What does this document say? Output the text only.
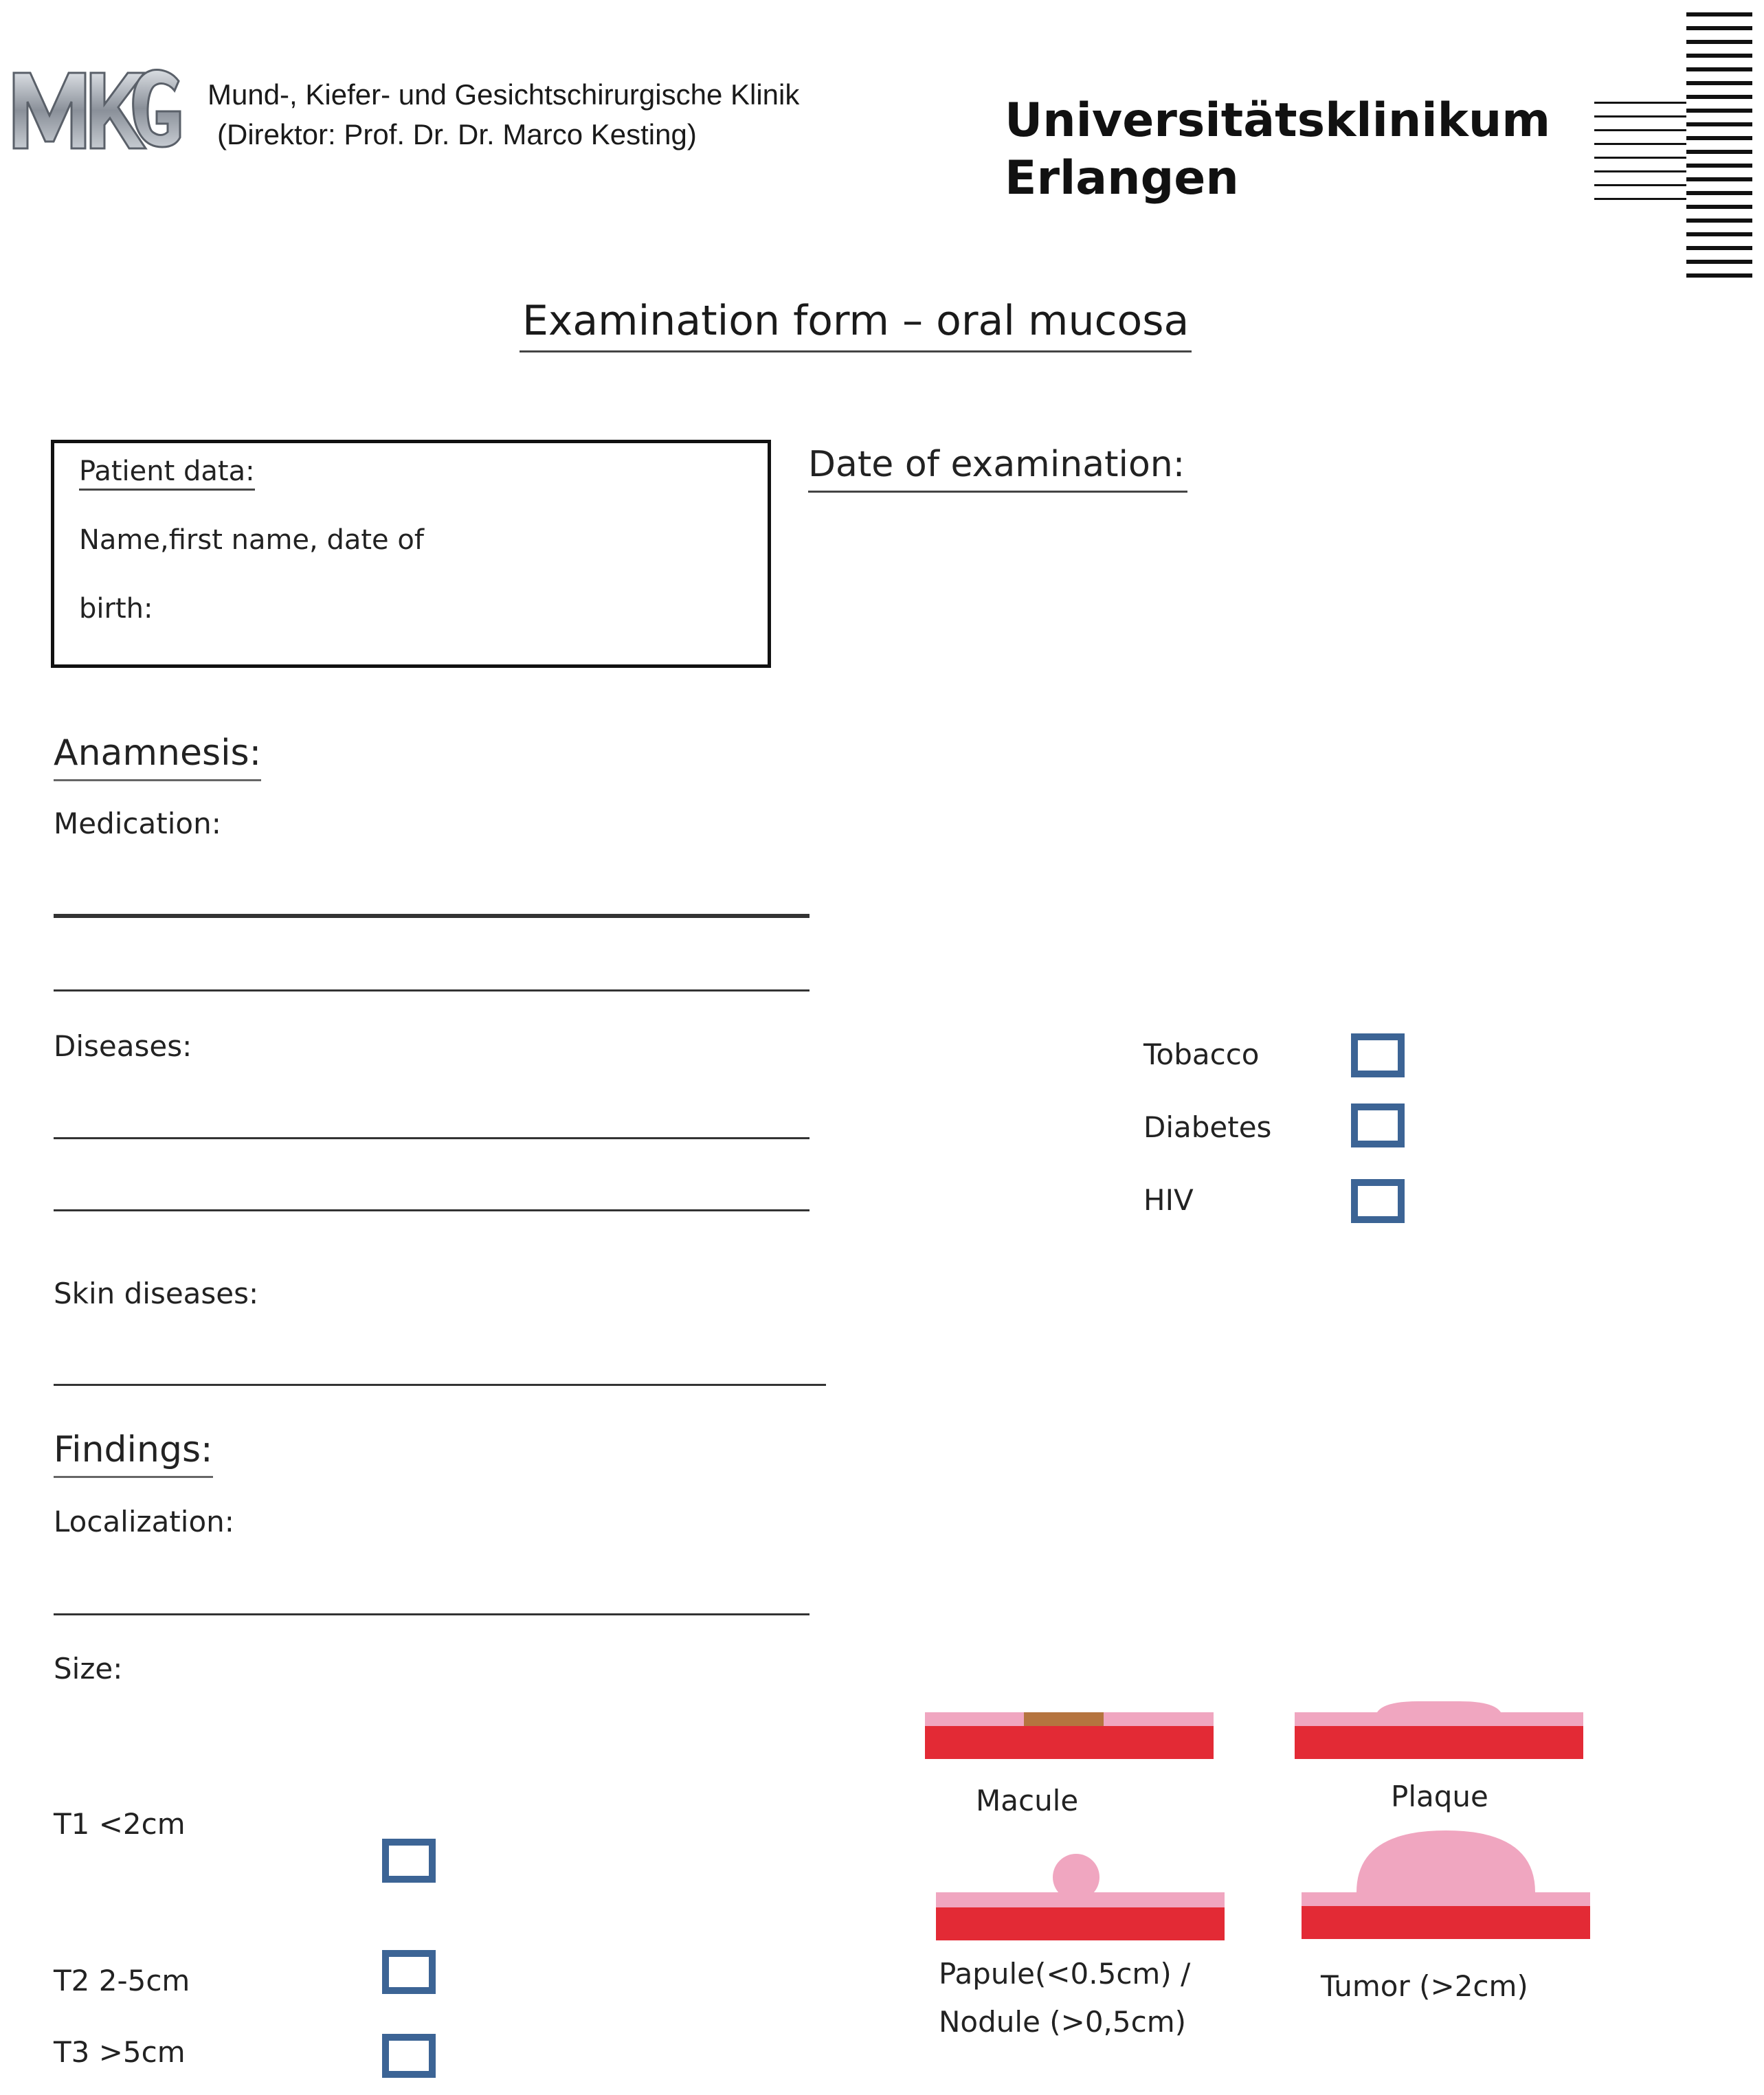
Mund-, Kiefer- und Gesichtschirurgische Klinik
(Direktor: Prof. Dr. Dr. Marco Kesting)	Universitätsklinikum
Erlangen
Examination form – oral mucosa
Patient data:
Name,first name, date of
birth:
Date of examination:
Anamnesis:
Medication:
Diseases:	Tobacco
Diabetes
HIV
Skin diseases:
Findings:
Localization:
Size:
T1 <2cm
T2 2-5cm
T3 >5cm
Macule	Plaque
Papule(<0.5cm) /
Nodule (>0,5cm)
Tumor (>2cm)
